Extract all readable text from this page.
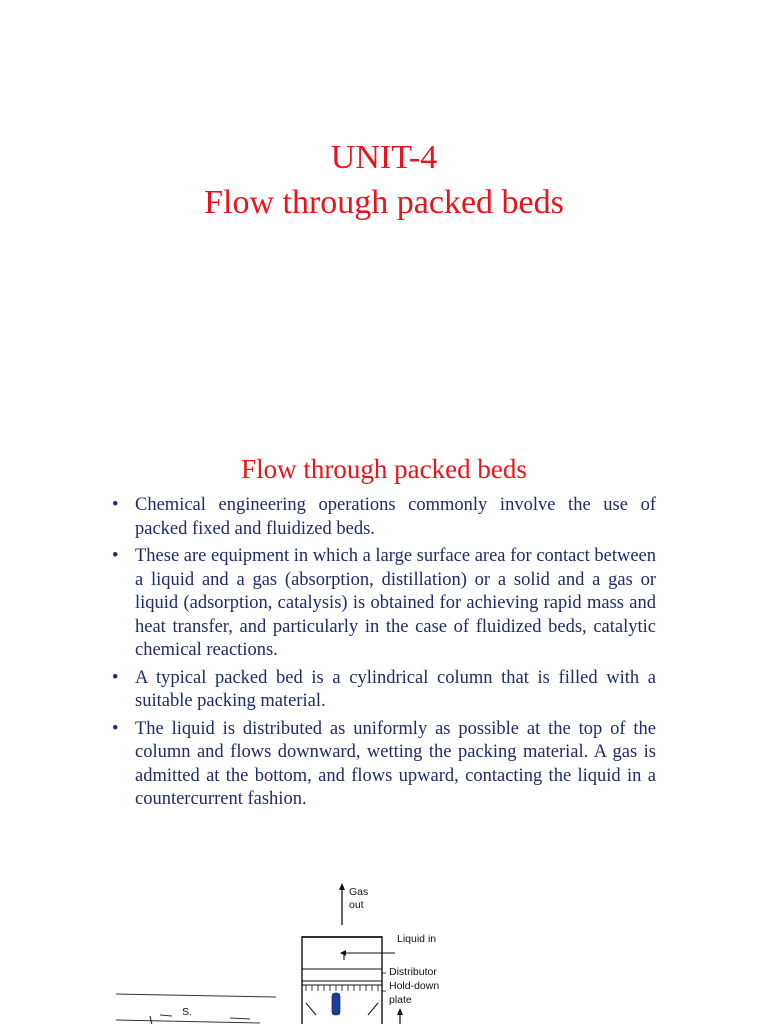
UNIT-4
Flow through packed beds
Flow through packed beds
• Chemical engineering operations commonly involve the use of packed fixed and fluidized beds.
• These are equipment in which a large surface area for contact between a liquid and a gas (absorption, distillation) or a solid and a gas or liquid (adsorption, catalysis) is obtained for achieving rapid mass and heat transfer, and particularly in the case of fluidized beds, catalytic chemical reactions.
• A typical packed bed is a cylindrical column that is filled with a suitable packing material.
• The liquid is distributed as uniformly as possible at the top of the column and flows downward, wetting the packing material. A gas is admitted at the bottom, and flows upward, contacting the liquid in a countercurrent fashion.
S.
Gas
out
Liquid in
Distributor
Hold-down
plate
